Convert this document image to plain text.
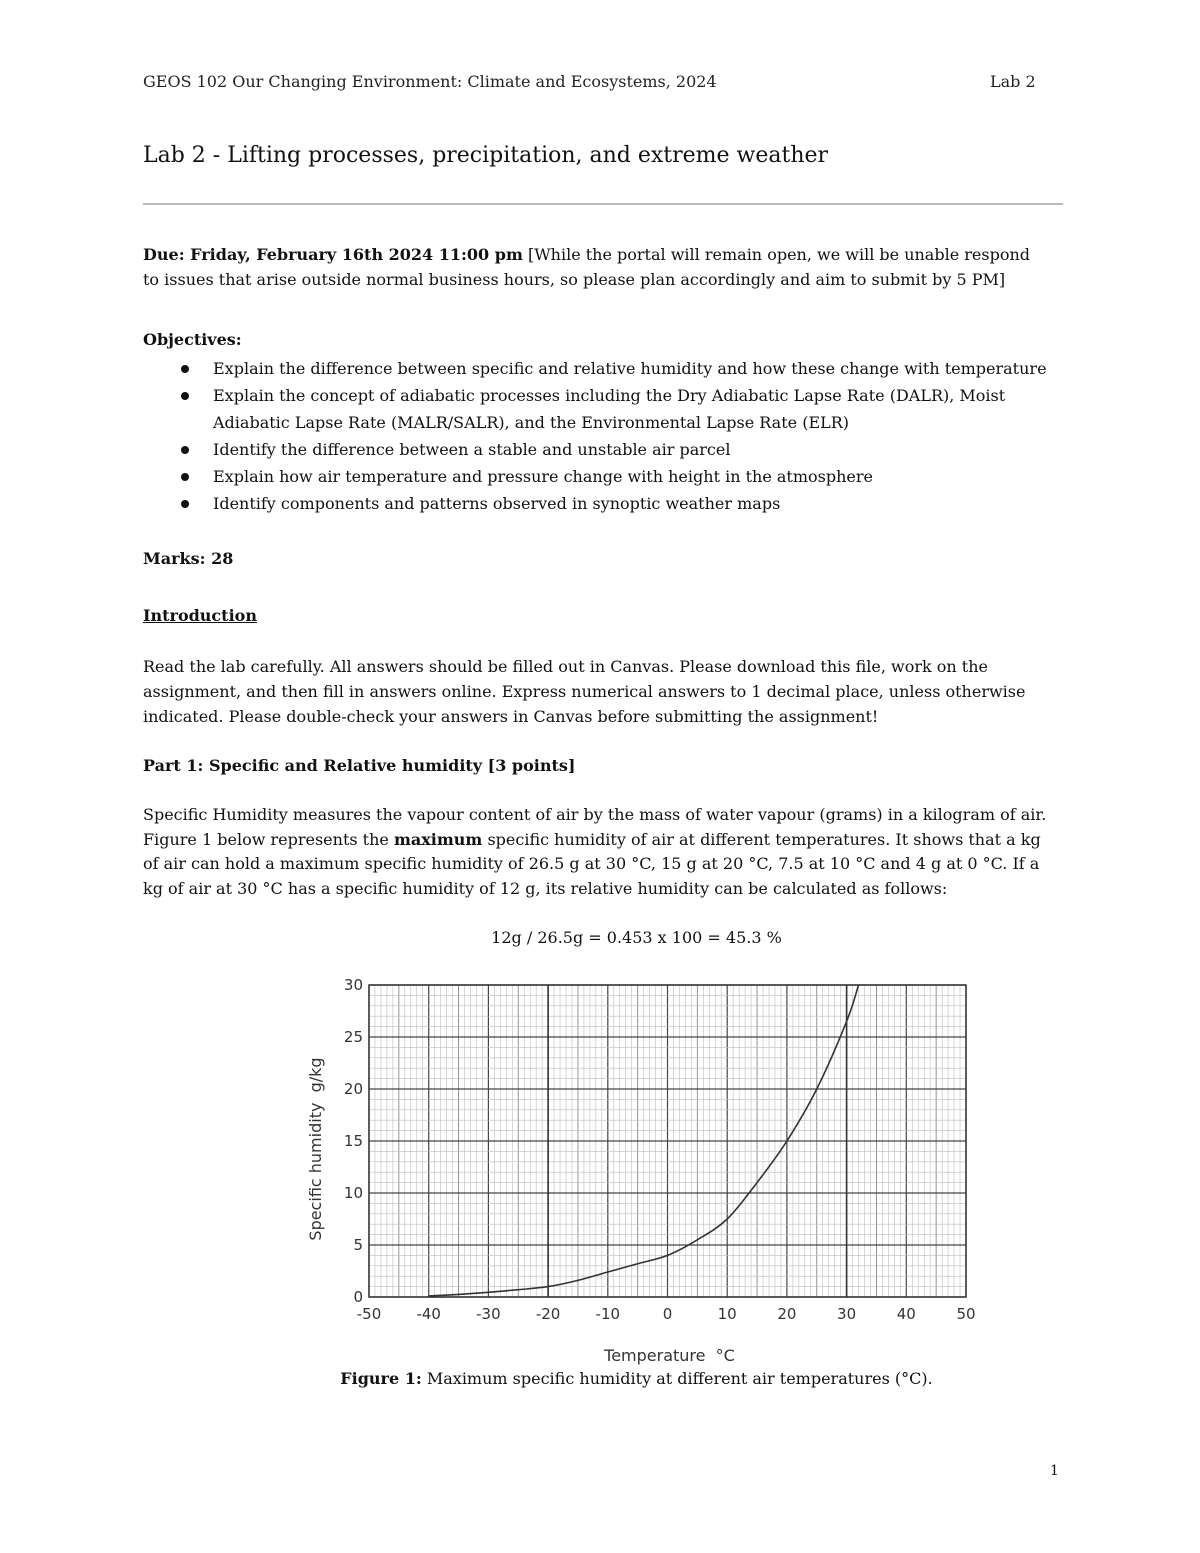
GEOS 102 Our Changing Environment: Climate and Ecosystems, 2024	Lab 2
Lab 2 - Lifting processes, precipitation, and extreme weather

Due: Friday, February 16th 2024 11:00 pm [While the portal will remain open, we will be unable respond
to issues that arise outside normal business hours, so please plan accordingly and aim to submit by 5 PM]

Objectives:

Explain the difference between specific and relative humidity and how these change with temperature
Explain the concept of adiabatic processes including the Dry Adiabatic Lapse Rate (DALR), Moist Adiabatic Lapse Rate (MALR/SALR), and the Environmental Lapse Rate (ELR)
Identify the difference between a stable and unstable air parcel
Explain how air temperature and pressure change with height in the atmosphere
Identify components and patterns observed in synoptic weather maps

Marks: 28

Introduction

Read the lab carefully. All answers should be filled out in Canvas. Please download this file, work on the assignment, and then fill in answers online. Express numerical answers to 1 decimal place, unless otherwise indicated. Please double-check your answers in Canvas before submitting the assignment!

Part 1: Specific and Relative humidity [3 points]

Specific Humidity measures the vapour content of air by the mass of water vapour (grams) in a kilogram of air. Figure 1 below represents the maximum specific humidity of air at different temperatures. It shows that a kg of air can hold a maximum specific humidity of 26.5 g at 30 °C, 15 g at 20 °C, 7.5 at 10 °C and 4 g at 0 °C. If a kg of air at 30 °C has a specific humidity of 12 g, its relative humidity can be calculated as follows:

12g / 26.5g = 0.453 x 100 = 45.3 %
-50 -40 -30 -20 -10	0	10	20	30	40	50
0
5
10
15
20
25
30
Temperature  °C
Specific humidity  g/kg
Figure 1: Maximum specific humidity at different air temperatures (°C).
1
